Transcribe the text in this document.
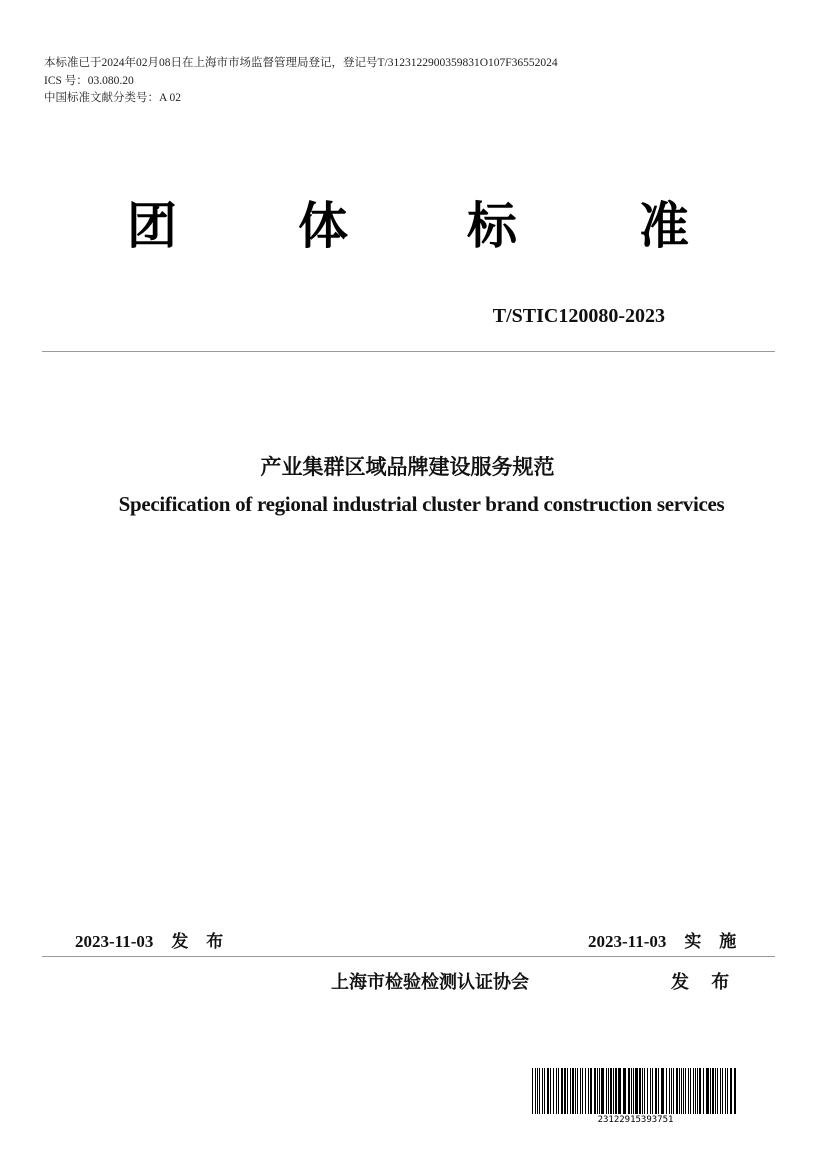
本标准已于2024年02月08日在上海市市场监督管理局登记，登记号T/3123122900359831O107F36552024
ICS 号：03.080.20
中国标准文献分类号：A 02
团 体 标 准
T/STIC120080-2023
产业集群区域品牌建设服务规范
Specification of regional industrial cluster brand construction services
2023-11-03 发 布	2023-11-03 实 施
上海市检验检测认证协会	发 布
23122915393751
